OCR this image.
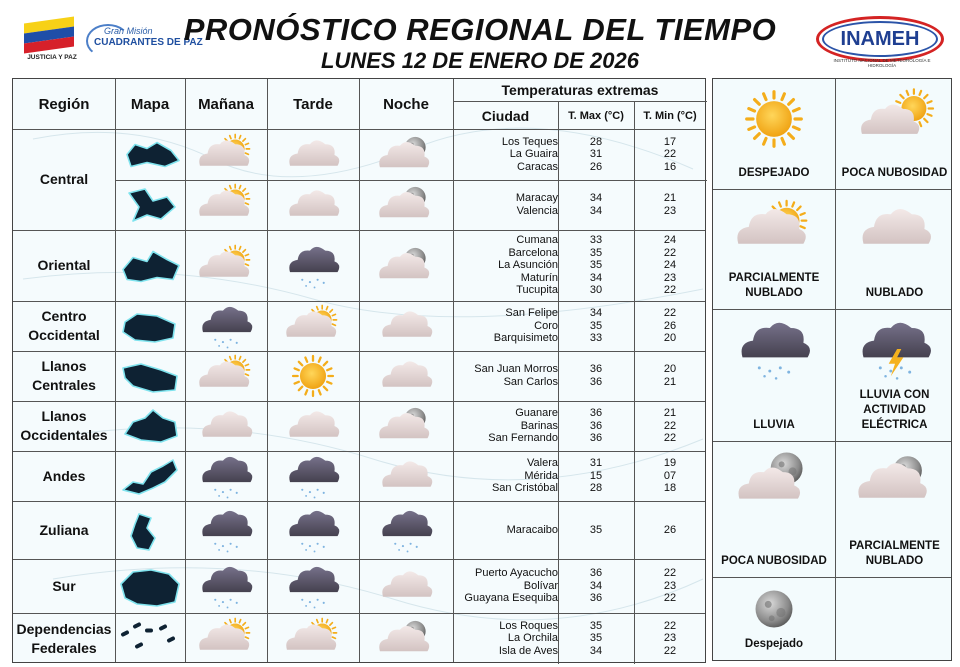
JUSTICIA Y PAZ
Gran Misión
CUADRANTES DE PAZ
PRONÓSTICO REGIONAL DEL TIEMPO
LUNES 12 DE ENERO DE 2026
INAMEH
INSTITUTO NACIONAL DE METEOROLOGÍA E HIDROLOGÍA
Región	Mapa	Mañana	Tarde	Noche
Temperaturas extremas
Ciudad	T. Max (°C)	T. Min (°C)
Central
Los Teques	28	17
La Guaira	31	22
Caracas	26	16
Maracay	34	21
Valencia	34	23
Oriental
Cumana	33	24
Barcelona	35	22
La Asunción	35	24
Maturín	34	23
Tucupita	30	22
Centro Occidental
San Felipe	34	22
Coro	35	26
Barquisimeto	33	20
Llanos Centrales
San Juan Morros	36	20
San Carlos	36	21
Llanos Occidentales
Guanare	36	21
Barinas	36	22
San Fernando	36	22
Andes
Valera	31	19
Mérida	15	07
San Cristóbal	28	18
Zuliana	Maracaibo	35	26
Sur
Puerto Ayacucho	36	22
Bolívar	34	23
Guayana Esequiba	36	22
Dependencias Federales
Los Roques	35	22
La Orchila	35	23
Isla de Aves	34	22
DESPEJADO	POCA NUBOSIDAD
PARCIALMENTE NUBLADO	NUBLADO
LLUVIA
LLUVIA CON ACTIVIDAD ELÉCTRICA
POCA NUBOSIDAD
PARCIALMENTE NUBLADO
Despejado
